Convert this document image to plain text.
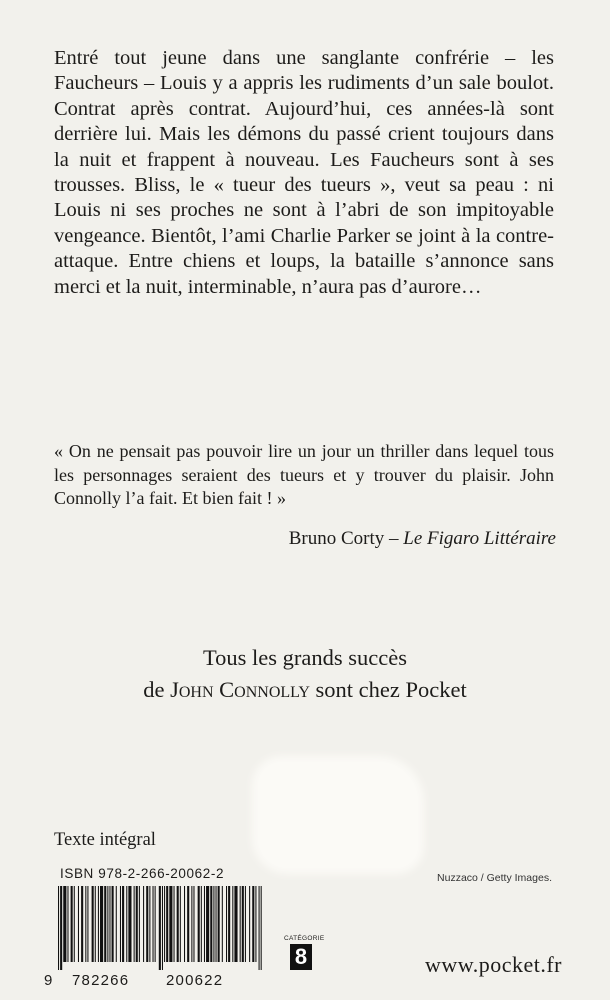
Entré tout jeune dans une sanglante confrérie – les Faucheurs – Louis y a appris les rudiments d’un sale boulot. Contrat après contrat. Aujourd’hui, ces années-là sont derrière lui. Mais les démons du passé crient toujours dans la nuit et frappent à nouveau. Les Faucheurs sont à ses trousses. Bliss, le « tueur des tueurs », veut sa peau : ni Louis ni ses proches ne sont à l’abri de son impitoyable vengeance. Bientôt, l’ami Charlie Parker se joint à la contre-attaque. Entre chiens et loups, la bataille s’annonce sans merci et la nuit, interminable, n’aura pas d’aurore…

« On ne pensait pas pouvoir lire un jour un thriller dans lequel tous les personnages seraient des tueurs et y trouver du plaisir. John Connolly l’a fait. Et bien fait ! »

Bruno Corty – Le Figaro Littéraire

Tous les grands succès
de John Connolly sont chez Pocket

Texte intégral

ISBN 978-2-266-20062-2	Nuzzaco / Getty Images.
9 782266 200622
CATÉGORIE
8	www.pocket.fr
